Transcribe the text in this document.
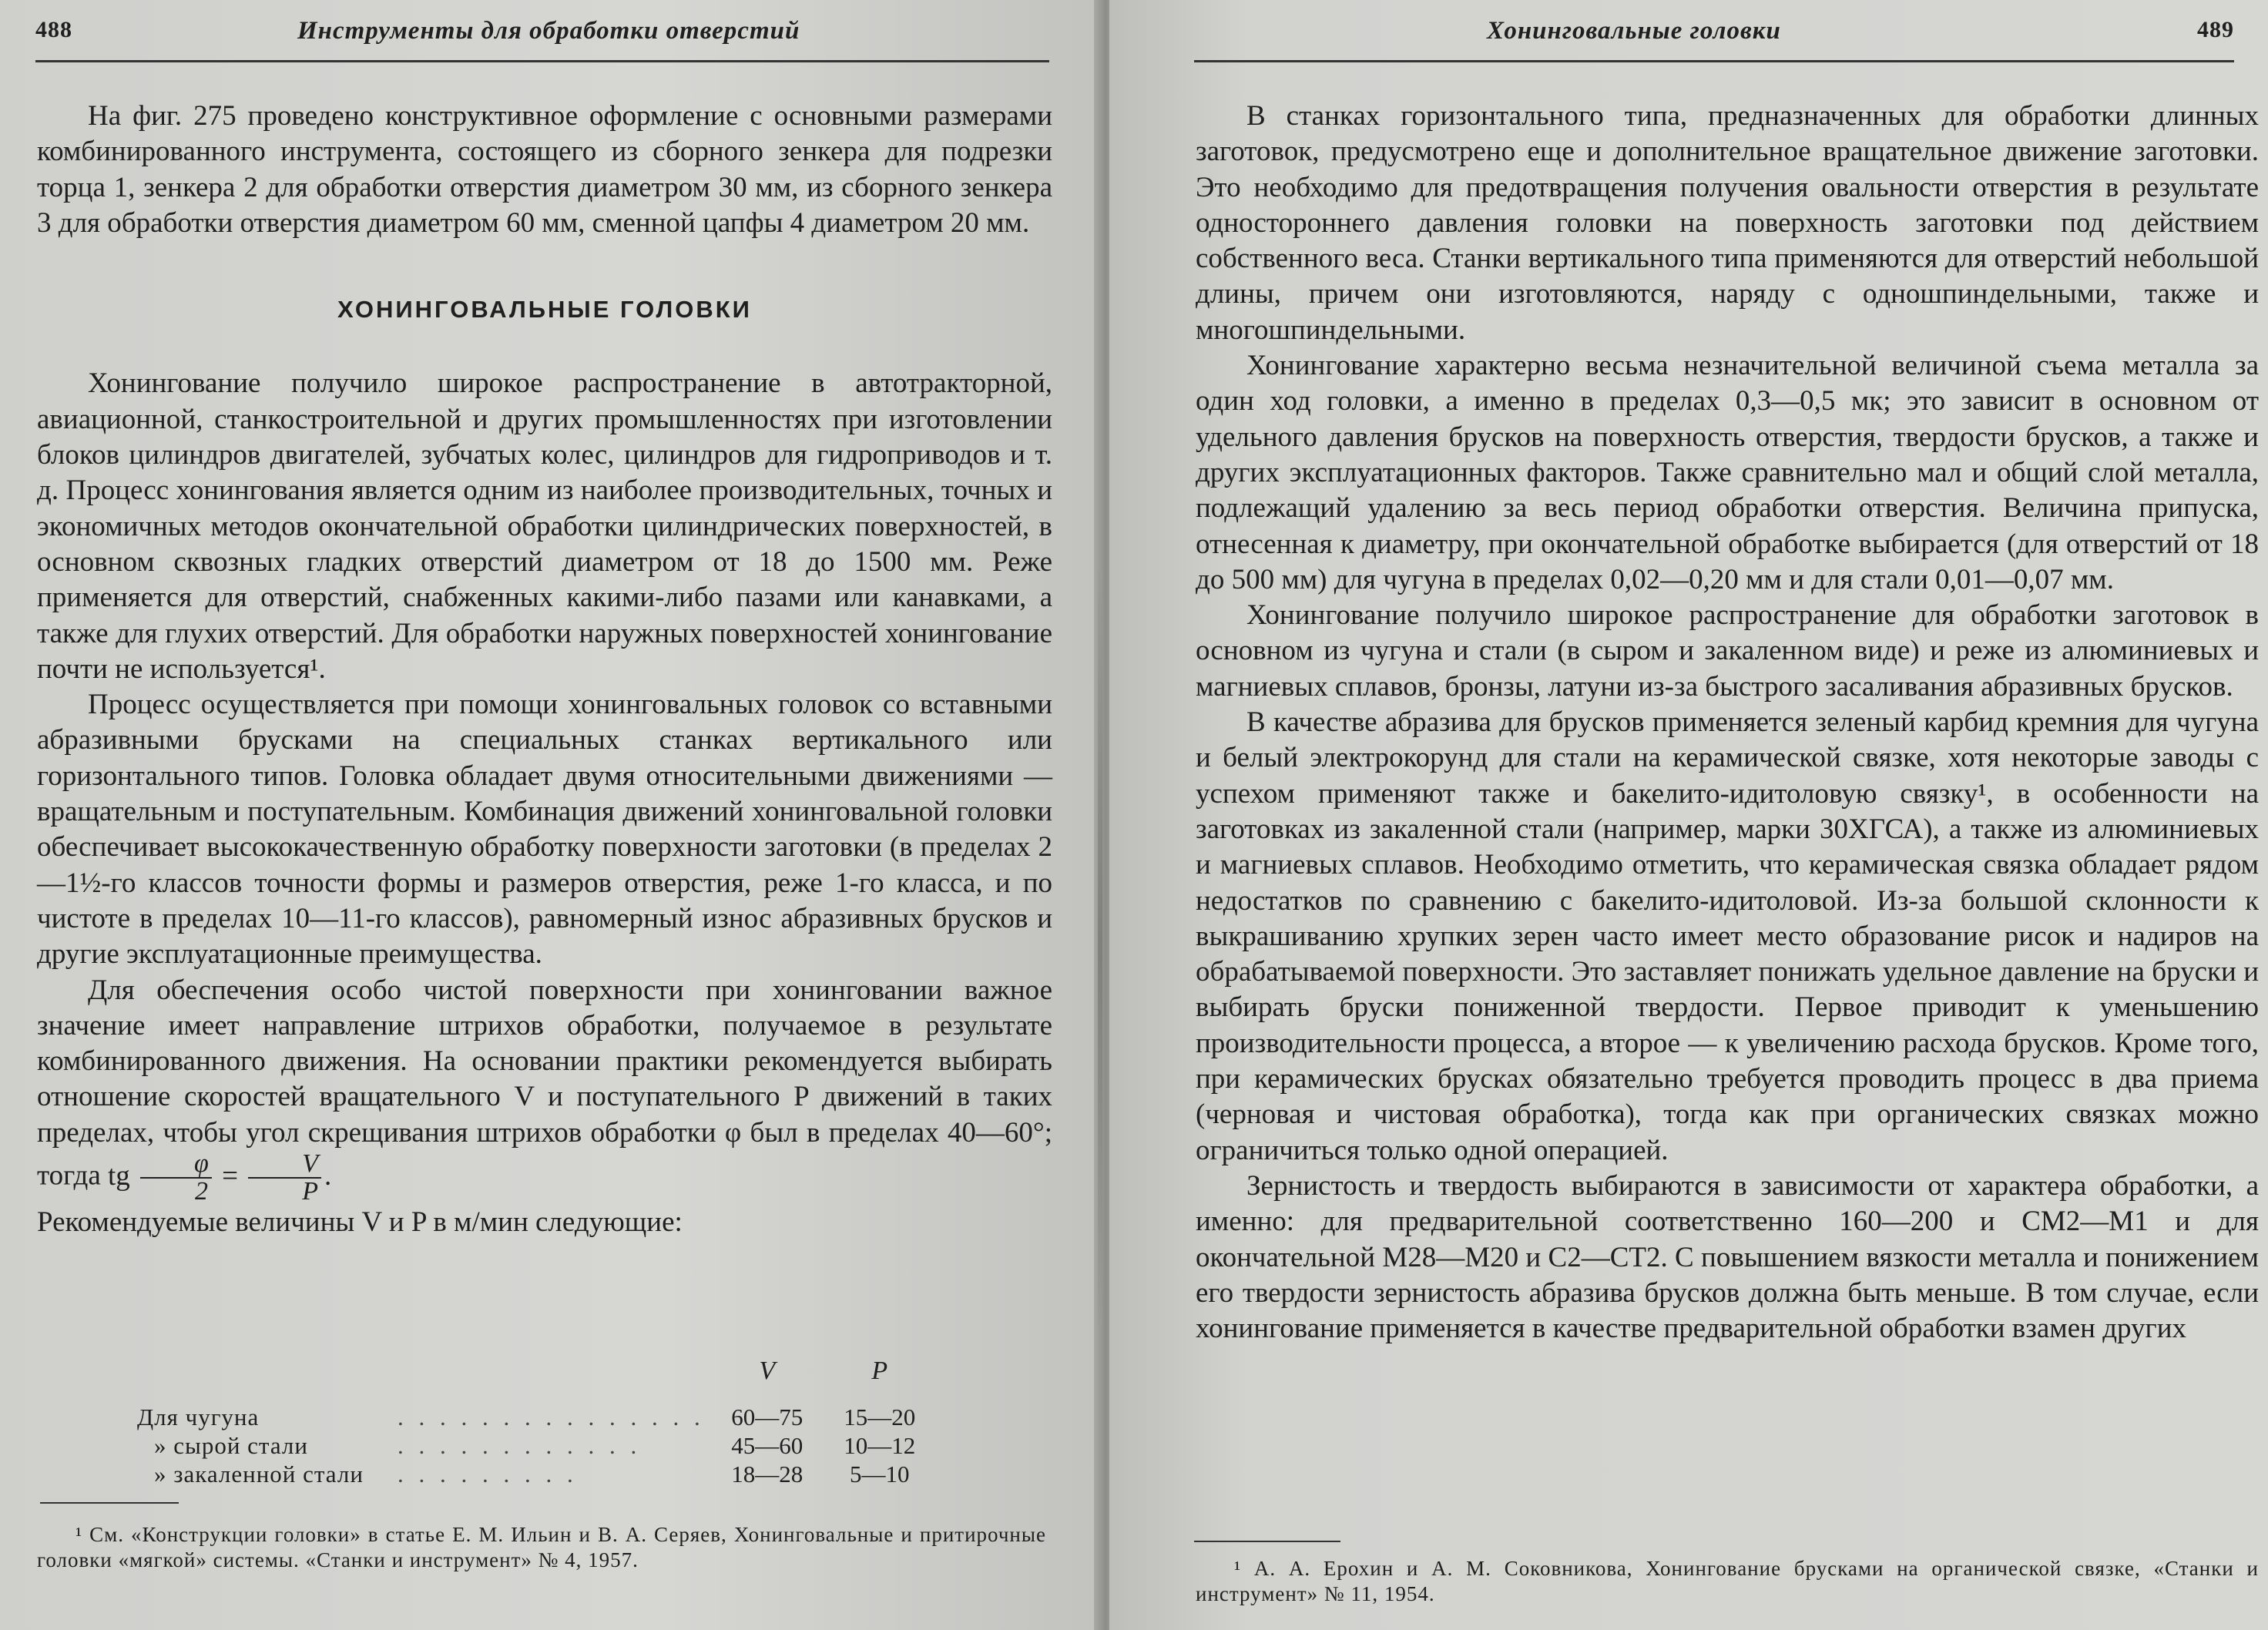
488	Инструменты для обработки отверстий

На фиг. 275 проведено конструктивное оформление с основными размерами комбинированного инструмента, состоящего из сборного зенкера для подрезки торца 1, зенкера 2 для обработки отверстия диаметром 30 мм, из сборного зенкера 3 для обработки отверстия диаметром 60 мм, сменной цапфы 4 диаметром 20 мм.

ХОНИНГОВАЛЬНЫЕ ГОЛОВКИ

Хонингование получило широкое распространение в автотракторной, авиационной, станкостроительной и других промышленностях при изготовлении блоков цилиндров двигателей, зубчатых колес, цилиндров для гидроприводов и т. д. Процесс хонингования является одним из наиболее производительных, точных и экономичных методов окончательной обработки цилиндрических поверхностей, в основном сквозных гладких отверстий диаметром от 18 до 1500 мм. Реже применяется для отверстий, снабженных какими-либо пазами или канавками, а также для глухих отверстий. Для обработки наружных поверхностей хонингование почти не используется¹.

Процесс осуществляется при помощи хонинговальных головок со вставными абразивными брусками на специальных станках вертикального или горизонтального типов. Головка обладает двумя относительными движениями — вращательным и поступательным. Комбинация движений хонинговальной головки обеспечивает высококачественную обработку поверхности заготовки (в пределах 2—1½-го классов точности формы и размеров отверстия, реже 1-го класса, и по чистоте в пределах 10—11-го классов), равномерный износ абразивных брусков и другие эксплуатационные преимущества.

Для обеспечения особо чистой поверхности при хонинговании важное значение имеет направление штрихов обработки, получаемое в результате комбинированного движения. На основании практики рекомендуется выбирать отношение скоростей вращательного V и поступательного P движений в таких пределах, чтобы угол скрещивания штрихов обработки φ был в пределах 40—60°; тогда tg $\frac{\varphi}{2} = \frac{V}{P}$ .

Рекомендуемые величины V и P в м/мин следующие:

		V	P
Для чугуна	. . . . . . . . . . . . . . .	60—75	15—20
» сырой стали	. . . . . . . . . . . .	45—60	10—12
» закаленной стали	. . . . . . . . .	18—28	5—10

¹ См. «Конструкции головки» в статье Е. М. Ильин и В. А. Серяев, Хонинговальные и притирочные головки «мягкой» системы. «Станки и инструмент» № 4, 1957.

Хонинговальные головки	489

В станках горизонтального типа, предназначенных для обработки длинных заготовок, предусмотрено еще и дополнительное вращательное движение заготовки. Это необходимо для предотвращения получения овальности отверстия в результате одностороннего давления головки на поверхность заготовки под действием собственного веса. Станки вертикального типа применяются для отверстий небольшой длины, причем они изготовляются, наряду с одношпиндельными, также и многошпиндельными.

Хонингование характерно весьма незначительной величиной съема металла за один ход головки, а именно в пределах 0,3—0,5 мк; это зависит в основном от удельного давления брусков на поверхность отверстия, твердости брусков, а также и других эксплуатационных факторов. Также сравнительно мал и общий слой металла, подлежащий удалению за весь период обработки отверстия. Величина припуска, отнесенная к диаметру, при окончательной обработке выбирается (для отверстий от 18 до 500 мм) для чугуна в пределах 0,02—0,20 мм и для стали 0,01—0,07 мм.

Хонингование получило широкое распространение для обработки заготовок в основном из чугуна и стали (в сыром и закаленном виде) и реже из алюминиевых и магниевых сплавов, бронзы, латуни из-за быстрого засаливания абразивных брусков.

В качестве абразива для брусков применяется зеленый карбид кремния для чугуна и белый электрокорунд для стали на керамической связке, хотя некоторые заводы с успехом применяют также и бакелито-идитоловую связку¹, в особенности на заготовках из закаленной стали (например, марки 30ХГСА), а также из алюминиевых и магниевых сплавов. Необходимо отметить, что керамическая связка обладает рядом недостатков по сравнению с бакелито-идитоловой. Из-за большой склонности к выкрашиванию хрупких зерен часто имеет место образование рисок и надиров на обрабатываемой поверхности. Это заставляет понижать удельное давление на бруски и выбирать бруски пониженной твердости. Первое приводит к уменьшению производительности процесса, а второе — к увеличению расхода брусков. Кроме того, при керамических брусках обязательно требуется проводить процесс в два приема (черновая и чистовая обработка), тогда как при органических связках можно ограничиться только одной операцией.

Зернистость и твердость выбираются в зависимости от характера обработки, а именно: для предварительной соответственно 160—200 и СМ2—М1 и для окончательной М28—М20 и С2—СТ2. С повышением вязкости металла и понижением его твердости зернистость абразива брусков должна быть меньше. В том случае, если хонингование применяется в качестве предварительной обработки взамен других

¹ А. А. Ерохин и А. М. Соковникова, Хонингование брусками на органической связке, «Станки и инструмент» № 11, 1954.
